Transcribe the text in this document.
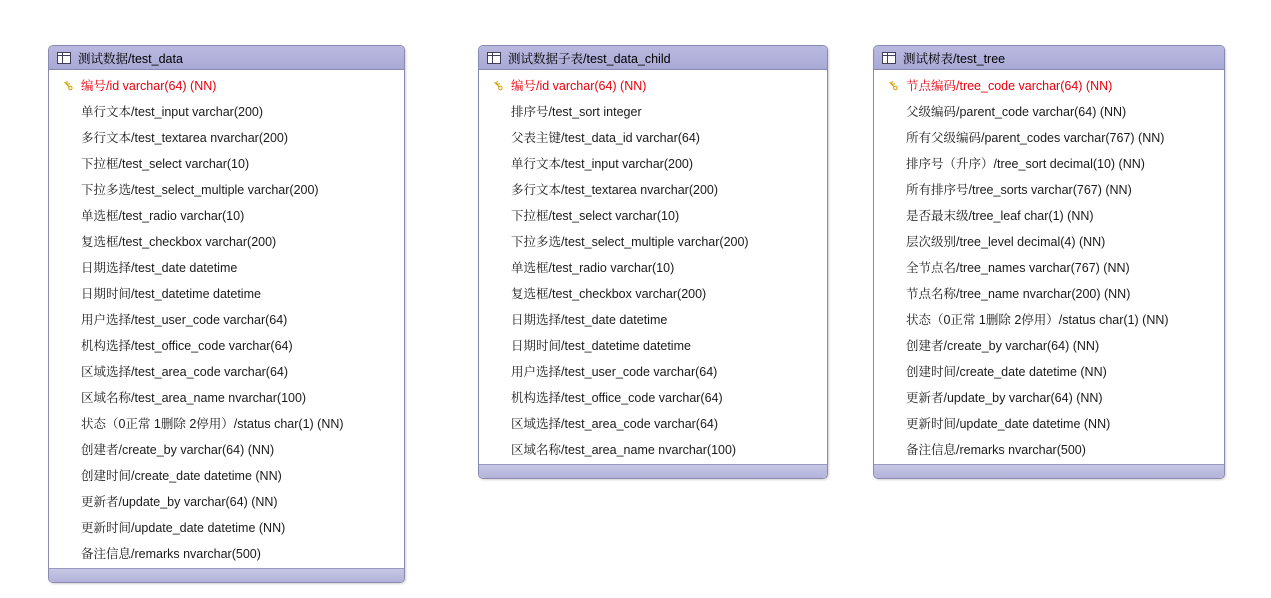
测试数据/test_data
⚷ 编号/id varchar(64) (NN)
单行文本/test_input varchar(200)
多行文本/test_textarea nvarchar(200)
下拉框/test_select varchar(10)
下拉多选/test_select_multiple varchar(200)
单选框/test_radio varchar(10)
复选框/test_checkbox varchar(200)
日期选择/test_date datetime
日期时间/test_datetime datetime
用户选择/test_user_code varchar(64)
机构选择/test_office_code varchar(64)
区域选择/test_area_code varchar(64)
区域名称/test_area_name nvarchar(100)
状态（0正常 1删除 2停用）/status char(1) (NN)
创建者/create_by varchar(64) (NN)
创建时间/create_date datetime (NN)
更新者/update_by varchar(64) (NN)
更新时间/update_date datetime (NN)
备注信息/remarks nvarchar(500)
测试数据子表/test_data_child
⚷ 编号/id varchar(64) (NN)
排序号/test_sort integer
父表主键/test_data_id varchar(64)
单行文本/test_input varchar(200)
多行文本/test_textarea nvarchar(200)
下拉框/test_select varchar(10)
下拉多选/test_select_multiple varchar(200)
单选框/test_radio varchar(10)
复选框/test_checkbox varchar(200)
日期选择/test_date datetime
日期时间/test_datetime datetime
用户选择/test_user_code varchar(64)
机构选择/test_office_code varchar(64)
区域选择/test_area_code varchar(64)
区域名称/test_area_name nvarchar(100)
测试树表/test_tree
⚷ 节点编码/tree_code varchar(64) (NN)
父级编码/parent_code varchar(64) (NN)
所有父级编码/parent_codes varchar(767) (NN)
排序号（升序）/tree_sort decimal(10) (NN)
所有排序号/tree_sorts varchar(767) (NN)
是否最末级/tree_leaf char(1) (NN)
层次级别/tree_level decimal(4) (NN)
全节点名/tree_names varchar(767) (NN)
节点名称/tree_name nvarchar(200) (NN)
状态（0正常 1删除 2停用）/status char(1) (NN)
创建者/create_by varchar(64) (NN)
创建时间/create_date datetime (NN)
更新者/update_by varchar(64) (NN)
更新时间/update_date datetime (NN)
备注信息/remarks nvarchar(500)
